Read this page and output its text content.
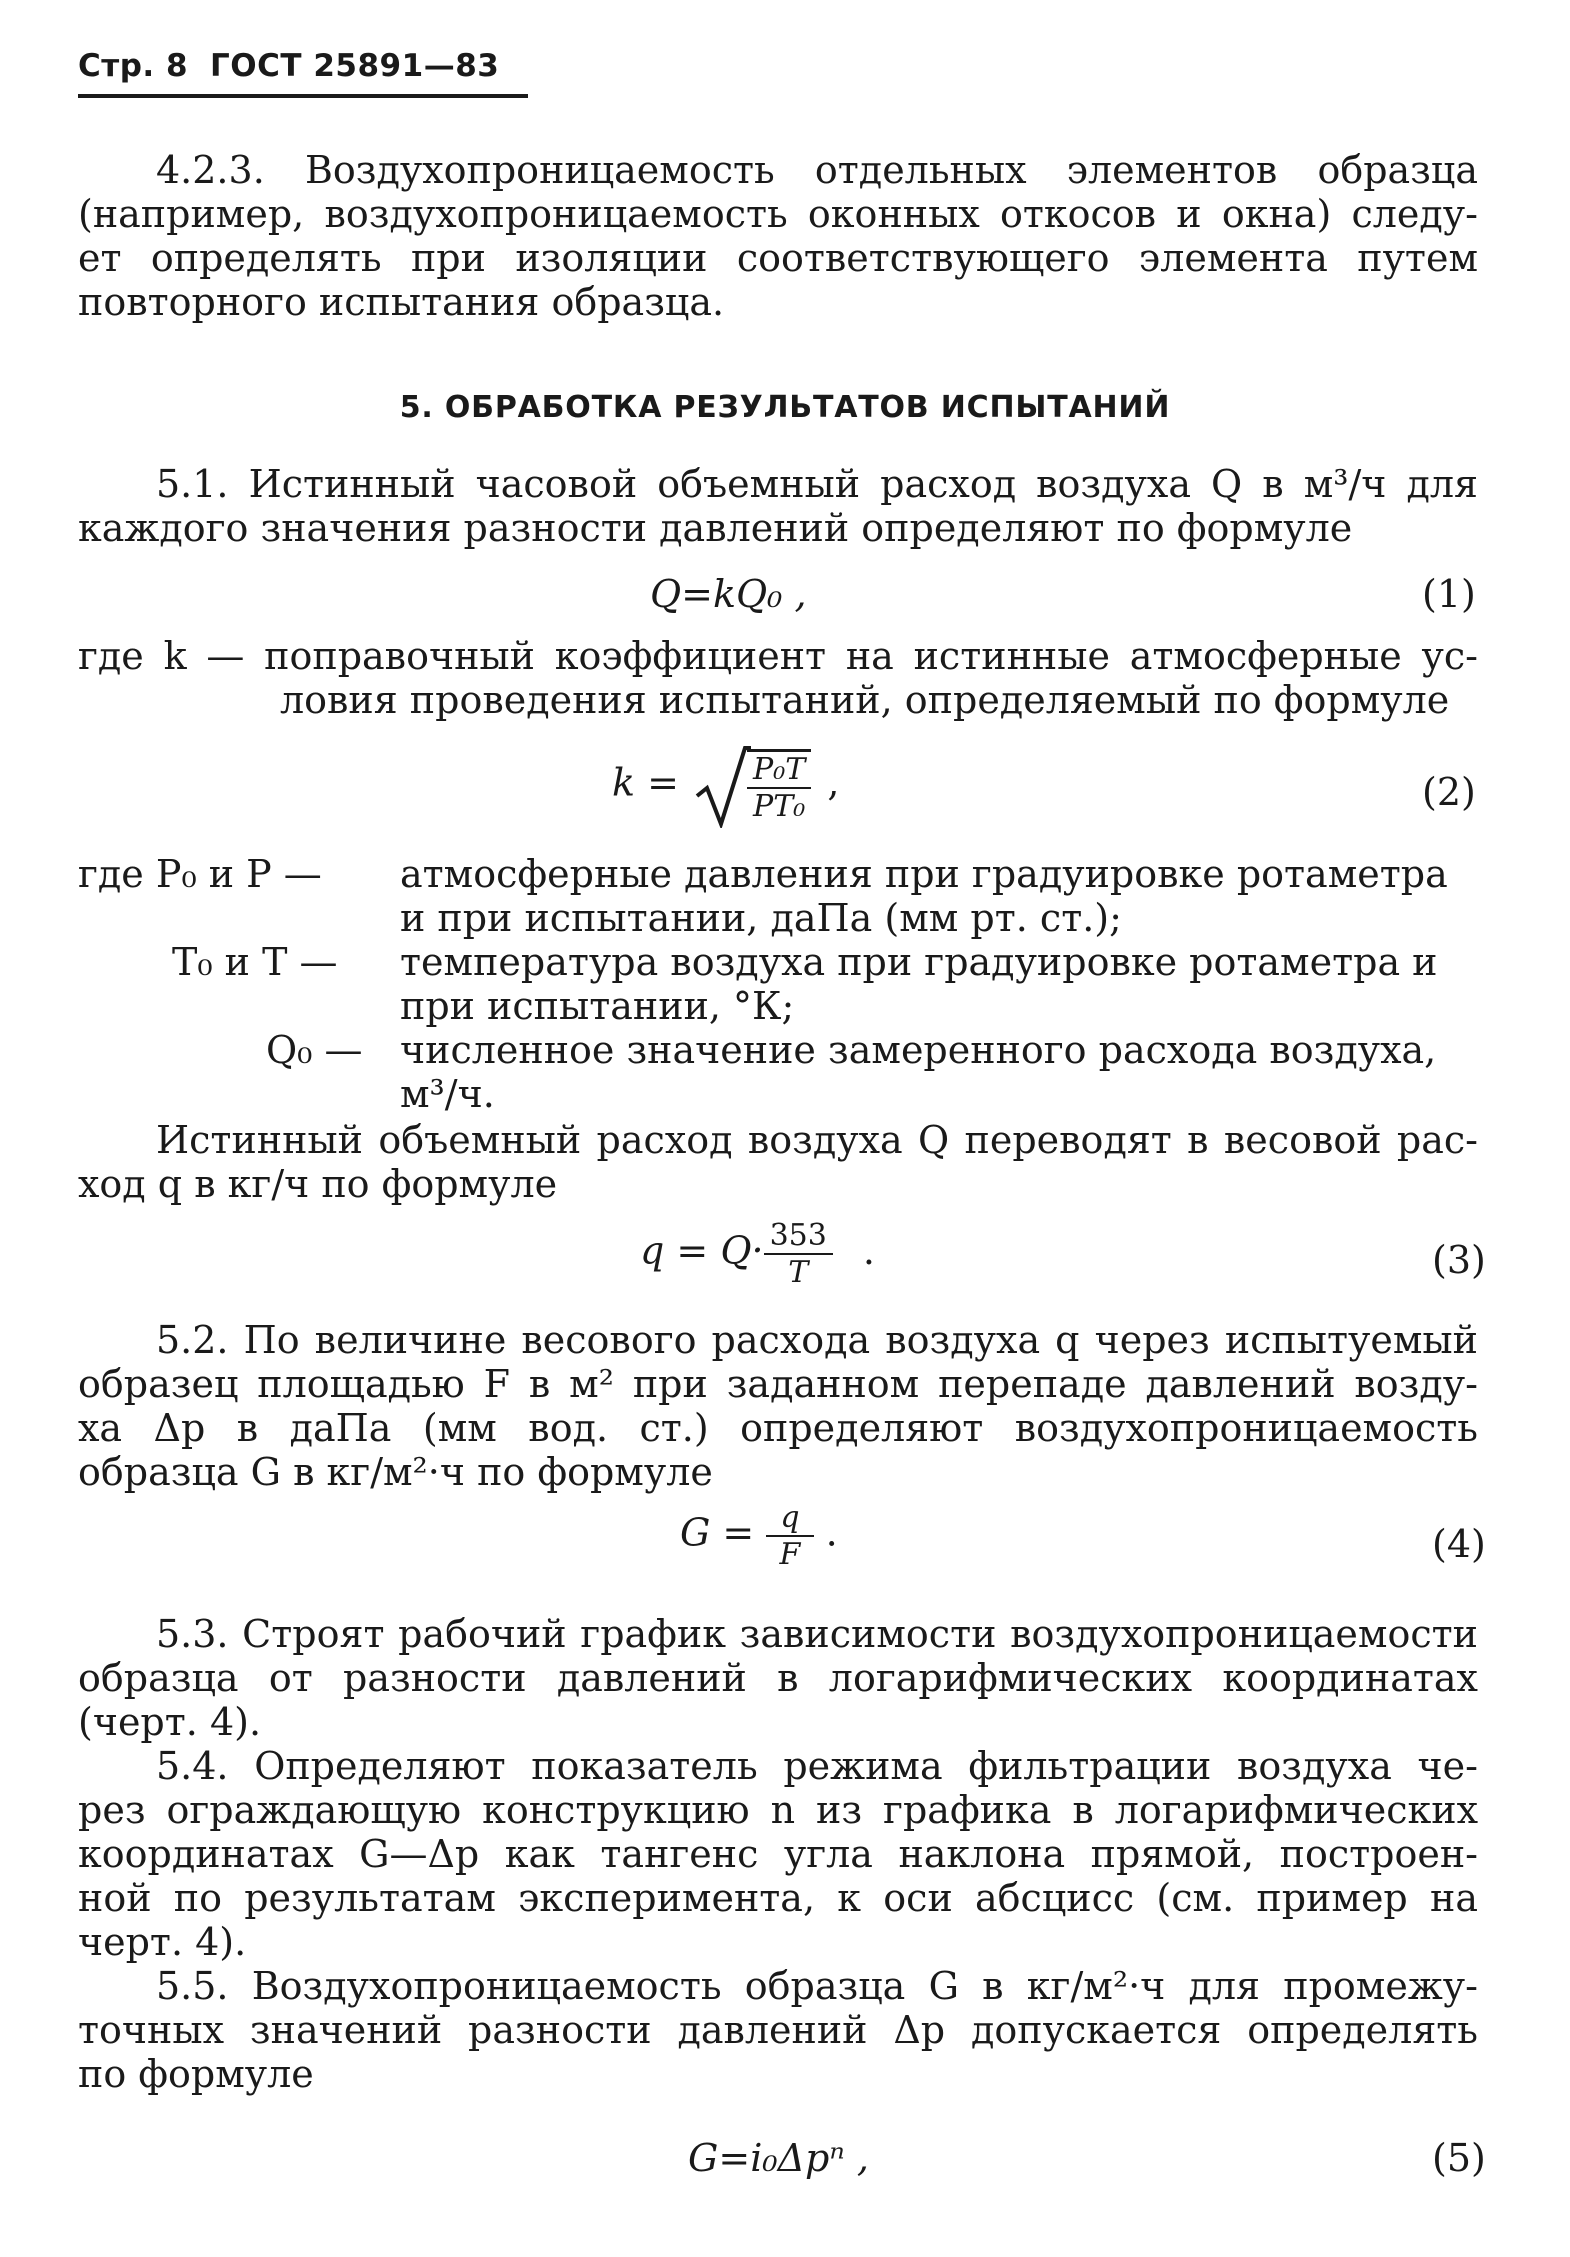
Стр. 8 ГОСТ 25891—83
4.2.3. Воздухопроницаемость отдельных элементов образца
(например, воздухопроницаемость оконных откосов и окна) следу-
ет определять при изоляции соответствующего элемента путем
повторного испытания образца.
5. ОБРАБОТКА РЕЗУЛЬТАТОВ ИСПЫТАНИЙ
5.1. Истинный часовой объемный расход воздуха Q в м³/ч для
каждого значения разности давлений определяют по формуле
Q=kQ₀ ,	(1)
где k — поправочный коэффициент на истинные атмосферные ус-
ловия проведения испытаний, определяемый по формуле
$k = \frac{\text{P₀T}}{\text{PT₀}}$ ,	(2)
где P₀ и P — атмосферные давления при градуировке ротаметра
и при испытании, даПа (мм рт. ст.);
T₀ и T — температура воздуха при градуировке ротаметра и
при испытании, °К;
Q₀ — численное значение замеренного расхода воздуха,
м³/ч.
Истинный объемный расход воздуха Q переводят в весовой рас-
ход q в кг/ч по формуле
$q = Q\cdot \frac{353}{T}$ .	(3)
5.2. По величине весового расхода воздуха q через испытуемый
образец площадью F в м² при заданном перепаде давлений возду-
ха Δp в даПа (мм вод. ст.) определяют воздухопроницаемость
образца G в кг/м²·ч по формуле
$G = \frac{q}{F}$ .	(4)
5.3. Строят рабочий график зависимости воздухопроницаемости
образца от разности давлений в логарифмических координатах
(черт. 4).
5.4. Определяют показатель режима фильтрации воздуха че-
рез ограждающую конструкцию n из графика в логарифмических
координатах G—Δp как тангенс угла наклона прямой, построен-
ной по результатам эксперимента, к оси абсцисс (см. пример на
черт. 4).
5.5. Воздухопроницаемость образца G в кг/м²·ч для промежу-
точных значений разности давлений Δp допускается определять
по формуле
G=i₀Δpⁿ ,	(5)
